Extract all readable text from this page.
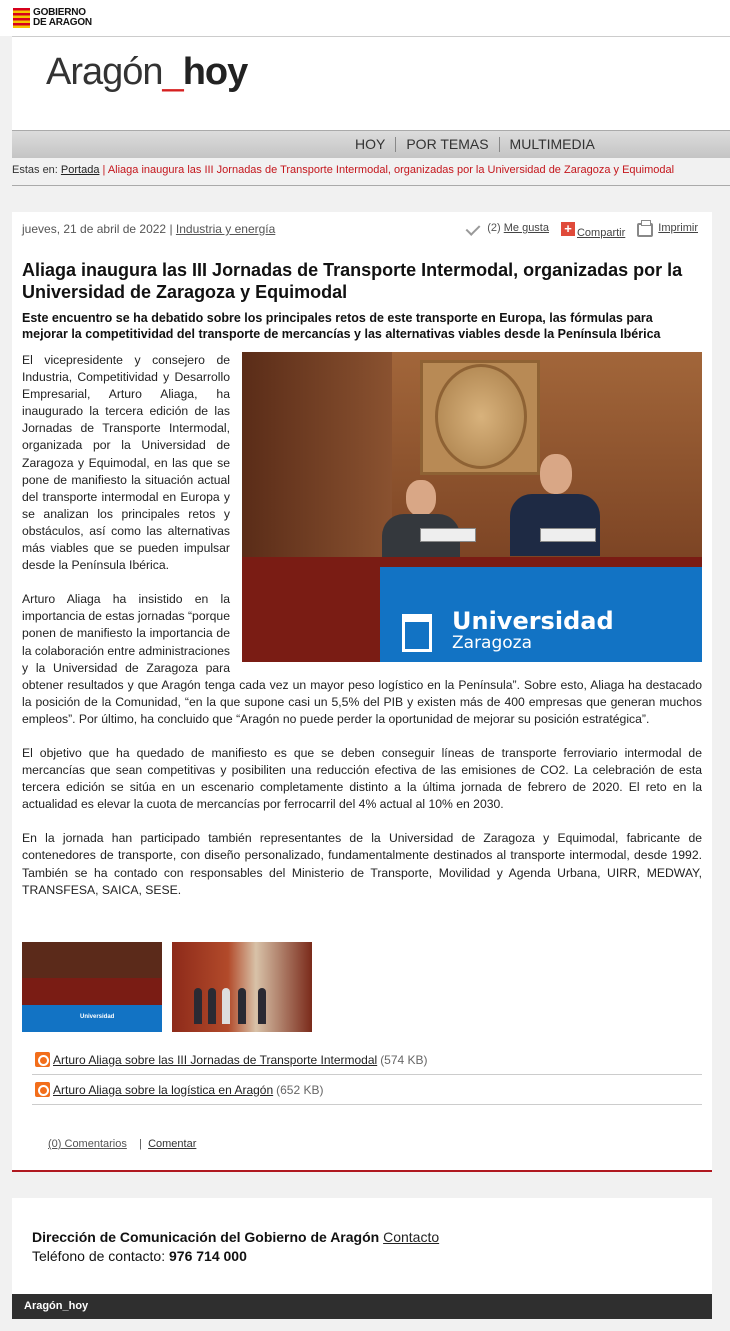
GOBIERNO
DE ARAGON
Aragón_hoy
HOY	POR TEMAS	MULTIMEDIA
Estas en: Portada | Aliaga inaugura las III Jornadas de Transporte Intermodal, organizadas por la Universidad de Zaragoza y Equimodal
jueves, 21 de abril de 2022 | Industria y energía	(2)
Me gusta + Compartir	Imprimir
Aliaga inaugura las III Jornadas de Transporte Intermodal, organizadas por la Universidad de Zaragoza y Equimodal

Este encuentro se ha debatido sobre los principales retos de este transporte en Europa, las fórmulas para mejorar la competitividad del transporte de mercancías y las alternativas viables desde la Península Ibérica

Universidad
Zaragoza

El vicepresidente y consejero de Industria, Competitividad y Desarrollo Empresarial, Arturo Aliaga, ha inaugurado la tercera edición de las Jornadas de Transporte Intermodal, organizada por la Universidad de Zaragoza y Equimodal, en las que se pone de manifiesto la situación actual del transporte intermodal en Europa y se analizan los principales retos y obstáculos, así como las alternativas más viables que se pueden impulsar desde la Península Ibérica.

Arturo Aliaga ha insistido en la importancia de estas jornadas “porque ponen de manifiesto la importancia de la colaboración entre administraciones y la Universidad de Zaragoza para obtener resultados y que Aragón tenga cada vez un mayor peso logístico en la Península”. Sobre esto, Aliaga ha destacado la posición de la Comunidad, “en la que supone casi un 5,5% del PIB y existen más de 400 empresas que generan muchos empleos”. Por último, ha concluido que “Aragón no puede perder la oportunidad de mejorar su posición estratégica”.

El objetivo que ha quedado de manifiesto es que se deben conseguir líneas de transporte ferroviario intermodal de mercancías que sean competitivas y posibiliten una reducción efectiva de las emisiones de CO2. La celebración de esta tercera edición se sitúa en un escenario completamente distinto a la última jornada de febrero de 2020. El reto en la actualidad es elevar la cuota de mercancías por ferrocarril del 4% actual al 10% en 2030.

En la jornada han participado también representantes de la Universidad de Zaragoza y Equimodal, fabricante de contenedores de transporte, con diseño personalizado, fundamentalmente destinados al transporte intermodal, desde 1992. También se ha contado con responsables del Ministerio de Transporte, Movilidad y Agenda Urbana, UIRR, MEDWAY, TRANSFESA, SAICA, SESE.

Universidad
Arturo Aliaga sobre las III Jornadas de Transporte Intermodal (574 KB)
Arturo Aliaga sobre la logística en Aragón (652 KB)
(0) Comentarios    |  Comentar
Dirección de Comunicación del Gobierno de Aragón Contacto
Teléfono de contacto: 976 714 000
Aragón_hoy
